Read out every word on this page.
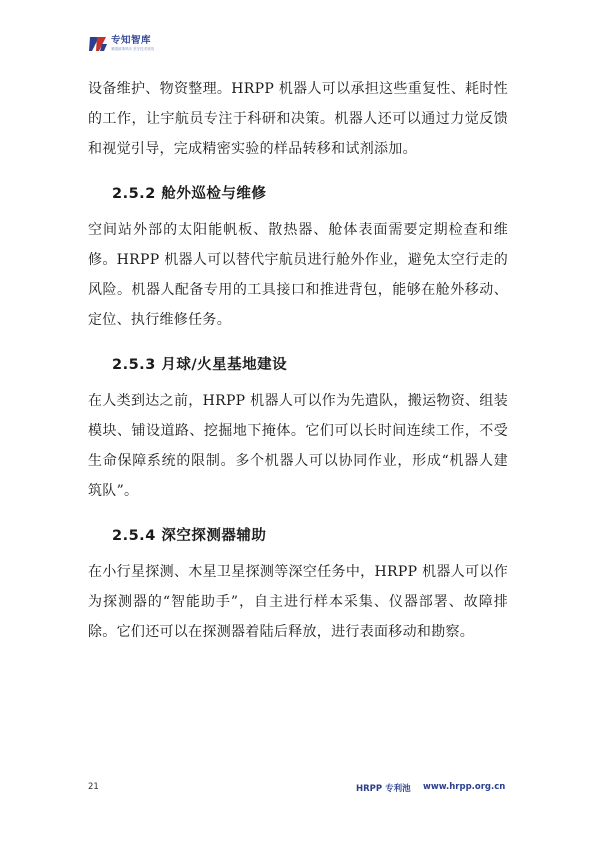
专知智库
紧跟政策风向 坚守技术底线

设备维护、物资整理。HRPP 机器人可以承担这些重复性、耗时性的工作，让宇航员专注于科研和决策。机器人还可以通过力觉反馈和视觉引导，完成精密实验的样品转移和试剂添加。

2.5.2 舱外巡检与维修

空间站外部的太阳能帆板、散热器、舱体表面需要定期检查和维修。HRPP 机器人可以替代宇航员进行舱外作业，避免太空行走的风险。机器人配备专用的工具接口和推进背包，能够在舱外移动、定位、执行维修任务。

2.5.3 月球/火星基地建设

在人类到达之前，HRPP 机器人可以作为先遣队，搬运物资、组装模块、铺设道路、挖掘地下掩体。它们可以长时间连续工作，不受生命保障系统的限制。多个机器人可以协同作业，形成“机器人建筑队”。

2.5.4 深空探测器辅助

在小行星探测、木星卫星探测等深空任务中，HRPP 机器人可以作为探测器的“智能助手”，自主进行样本采集、仪器部署、故障排除。它们还可以在探测器着陆后释放，进行表面移动和勘察。

21	HRPP 专利池 www.hrpp.org.cn
